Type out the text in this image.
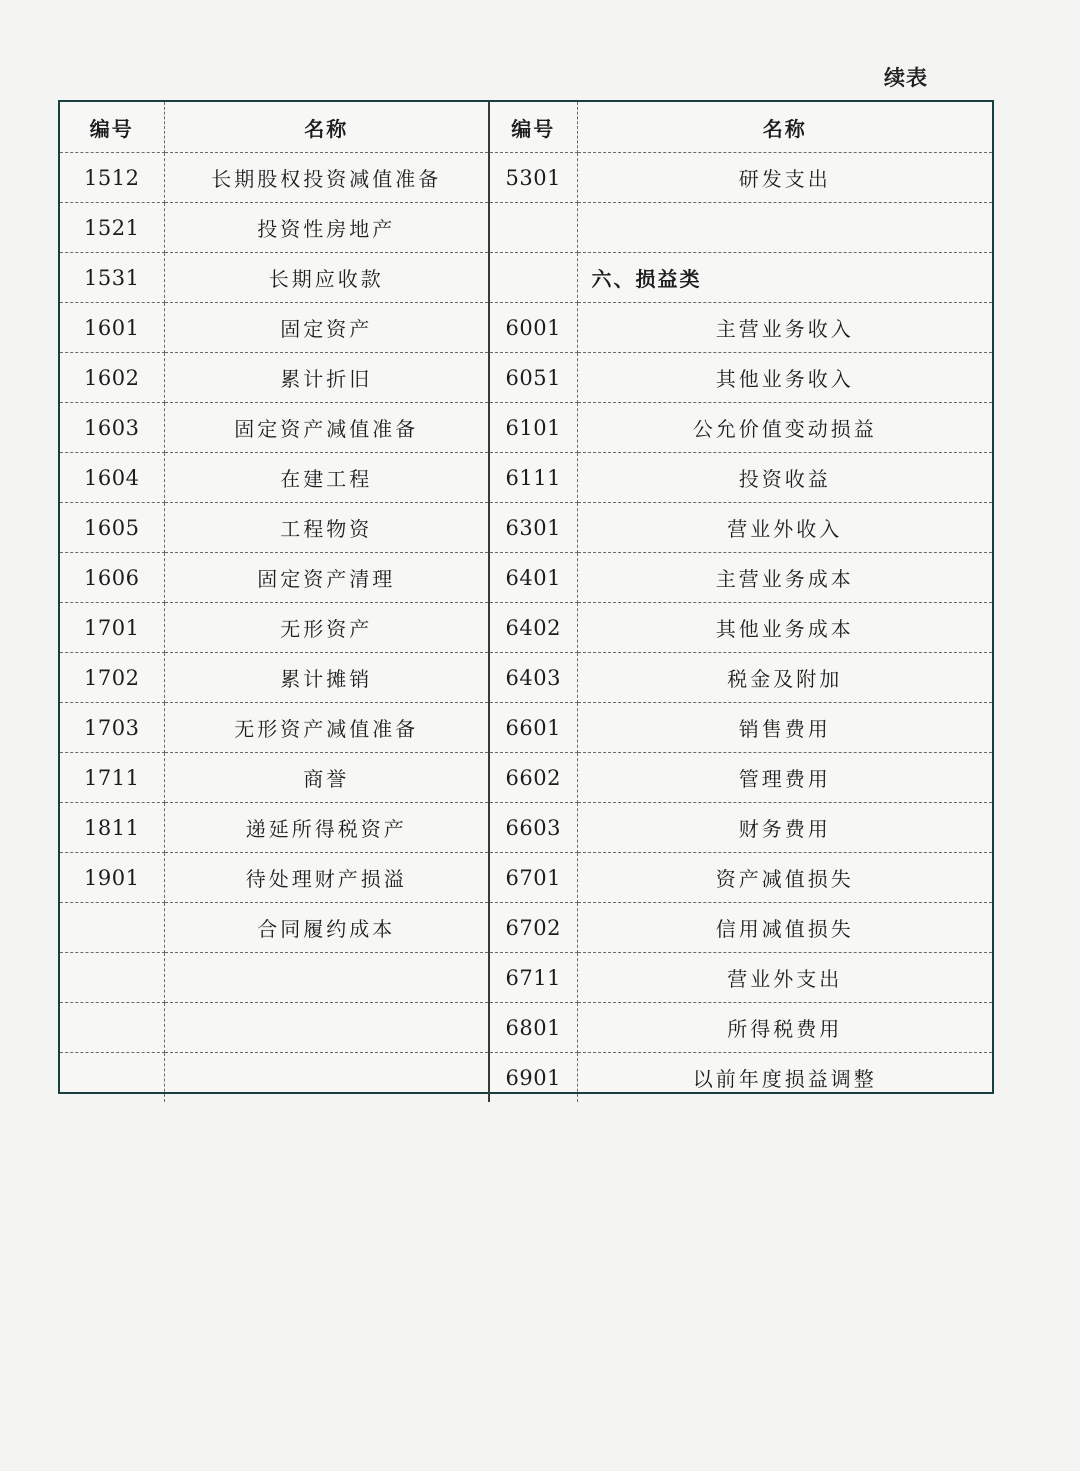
续表
编号	名称	编号	名称
1512	长期股权投资减值准备	5301	研发支出
1521	投资性房地产		
1531	长期应收款		六、损益类
1601	固定资产	6001	主营业务收入
1602	累计折旧	6051	其他业务收入
1603	固定资产减值准备	6101	公允价值变动损益
1604	在建工程	6111	投资收益
1605	工程物资	6301	营业外收入
1606	固定资产清理	6401	主营业务成本
1701	无形资产	6402	其他业务成本
1702	累计摊销	6403	税金及附加
1703	无形资产减值准备	6601	销售费用
1711	商誉	6602	管理费用
1811	递延所得税资产	6603	财务费用
1901	待处理财产损溢	6701	资产减值损失
	合同履约成本	6702	信用减值损失
		6711	营业外支出
		6801	所得税费用
		6901	以前年度损益调整
